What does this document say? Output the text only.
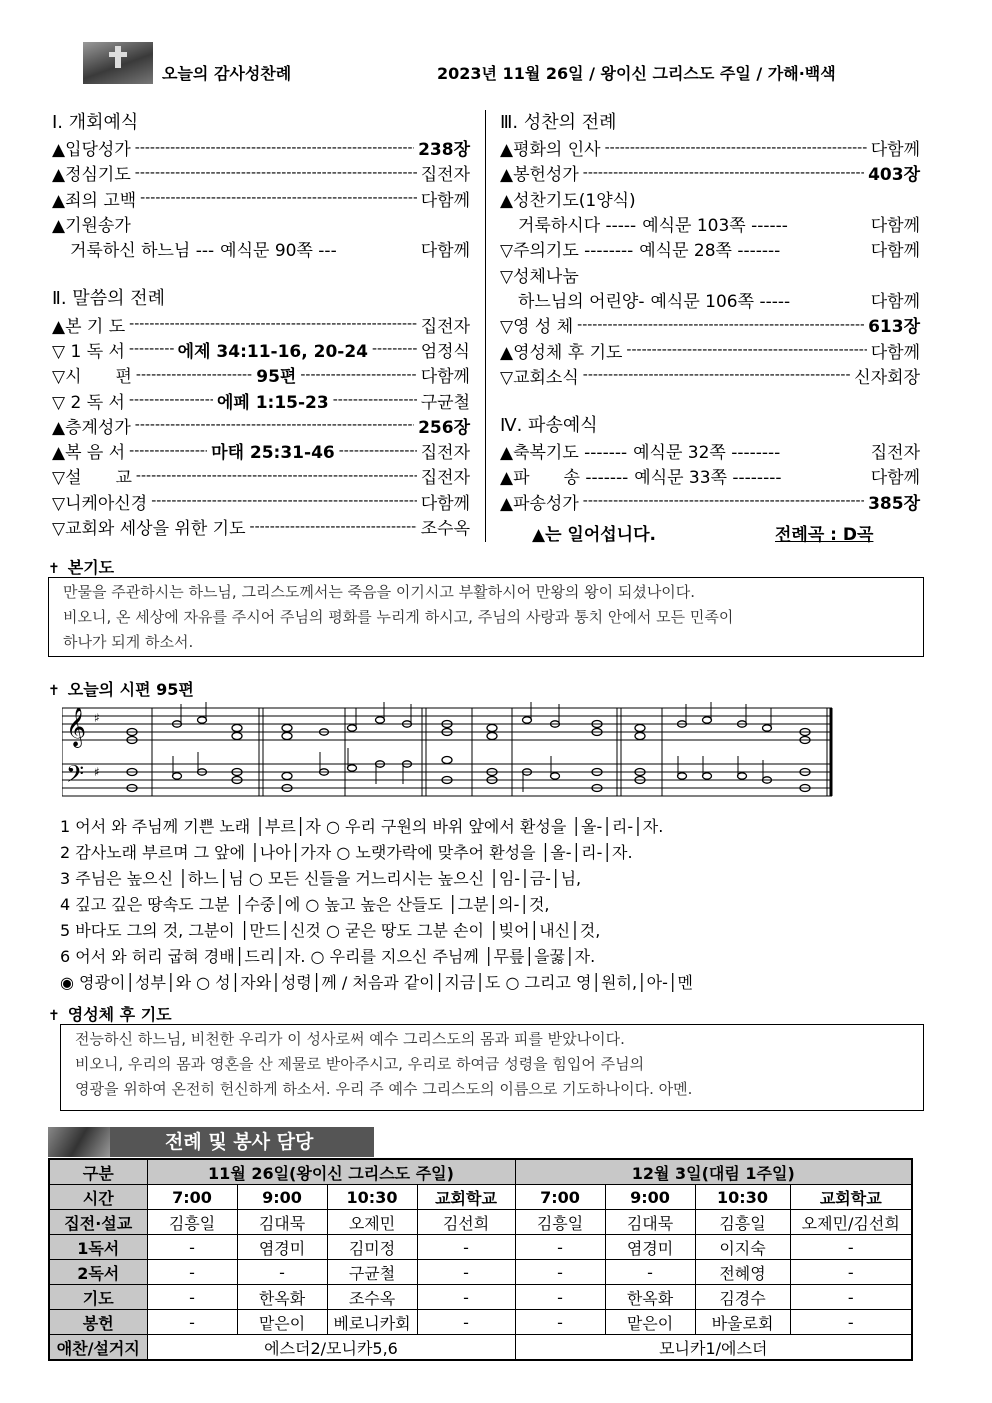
오늘의 감사성찬례	2023년 11월 26일 / 왕이신 그리스도 주일 / 가해·백색
Ⅰ. 개회예식
▲입당성가 -----	238장
▲정심기도 -----	집전자
▲죄의 고백 -----	다함께
▲기원송가
거룩하신 하느님 --- 예식문 90쪽 ---	다함께
Ⅱ. 말씀의 전례
▲본 기 도 -----	집전자
▽ 1 독 서 -----	에제 34:11-16, 20-24 -----	엄정식
▽시　　편 -----	95편 -----	다함께
▽ 2 독 서 -----	에페 1:15-23 -----	구균철
▲층계성가 -----	256장
▲복 음 서 -----	마태 25:31-46 -----	집전자
▽설　　교 -----	집전자
▽니케아신경 -----	다함께
▽교회와 세상을 위한 기도 -----	조수옥
Ⅲ. 성찬의 전례
▲평화의 인사 -----	다함께
▲봉헌성가 -----	403장
▲성찬기도(1양식)
거룩하시다 ----- 예식문 103쪽 ------	다함께
▽주의기도 -------- 예식문 28쪽 -------	다함께
▽성체나눔
하느님의 어린양- 예식문 106쪽 -----	다함께
▽영 성 체 -----	613장
▲영성체 후 기도 -----	다함께
▽교회소식 -----	신자회장
Ⅳ. 파송예식
▲축복기도 ------- 예식문 32쪽 --------	집전자
▲파　　송 ------- 예식문 33쪽 --------	다함께
▲파송성가 -----	385장
▲는 일어섭니다.	전례곡 : D곡
✝ 본기도
만물을 주관하시는 하느님, 그리스도께서는 죽음을 이기시고 부활하시어 만왕의 왕이 되셨나이다.
비오니, 온 세상에 자유를 주시어 주님의 평화를 누리게 하시고, 주님의 사랑과 통치 안에서 모든 민족이
하나가 되게 하소서.
✝ 오늘의 시편 95편
𝄞
𝄢
♯
♯
1 어서 와 주님께 기쁜 노래 │부르│자 ○ 우리 구원의 바위 앞에서 환성을 │올-│리-│자.
2 감사노래 부르며 그 앞에 │나아│가자 ○ 노랫가락에 맞추어 환성을 │올-│리-│자.
3 주님은 높으신 │하느│님 ○ 모든 신들을 거느리시는 높으신 │임-│금-│님,
4 깊고 깊은 땅속도 그분 │수중│에 ○ 높고 높은 산들도 │그분│의-│것,
5 바다도 그의 것, 그분이 │만드│신것 ○ 굳은 땅도 그분 손이 │빚어│내신│것,
6 어서 와 허리 굽혀 경배│드리│자. ○ 우리를 지으신 주님께 │무릎│을꿇│자.
◉ 영광이│성부│와 ○ 성│자와│성령│께 / 처음과 같이│지금│도 ○ 그리고 영│원히,│아-│멘
✝ 영성체 후 기도
전능하신 하느님, 비천한 우리가 이 성사로써 예수 그리스도의 몸과 피를 받았나이다.
비오니, 우리의 몸과 영혼을 산 제물로 받아주시고, 우리로 하여금 성령을 힘입어 주님의
영광을 위하여 온전히 헌신하게 하소서. 우리 주 예수 그리스도의 이름으로 기도하나이다. 아멘.
전례 및 봉사 담당
구분	11월 26일(왕이신 그리스도 주일)				12월 3일(대림 1주일)			
시간	7:00	9:00	10:30	교회학교	7:00	9:00	10:30	교회학교
집전·설교	김흥일	김대묵	오제민	김선희	김흥일	김대묵	김흥일	오제민/김선희
1독서	-	염경미	김미정	-	-	염경미	이지숙	-
2독서	-	-	구균철	-	-	-	전혜영	-
기도	-	한옥화	조수옥	-	-	한옥화	김경수	-
봉헌	-	맡은이	베로니카회	-	-	맡은이	바울로회	-
애찬/설거지	에스더2/모니카5,6				모니카1/에스더			
